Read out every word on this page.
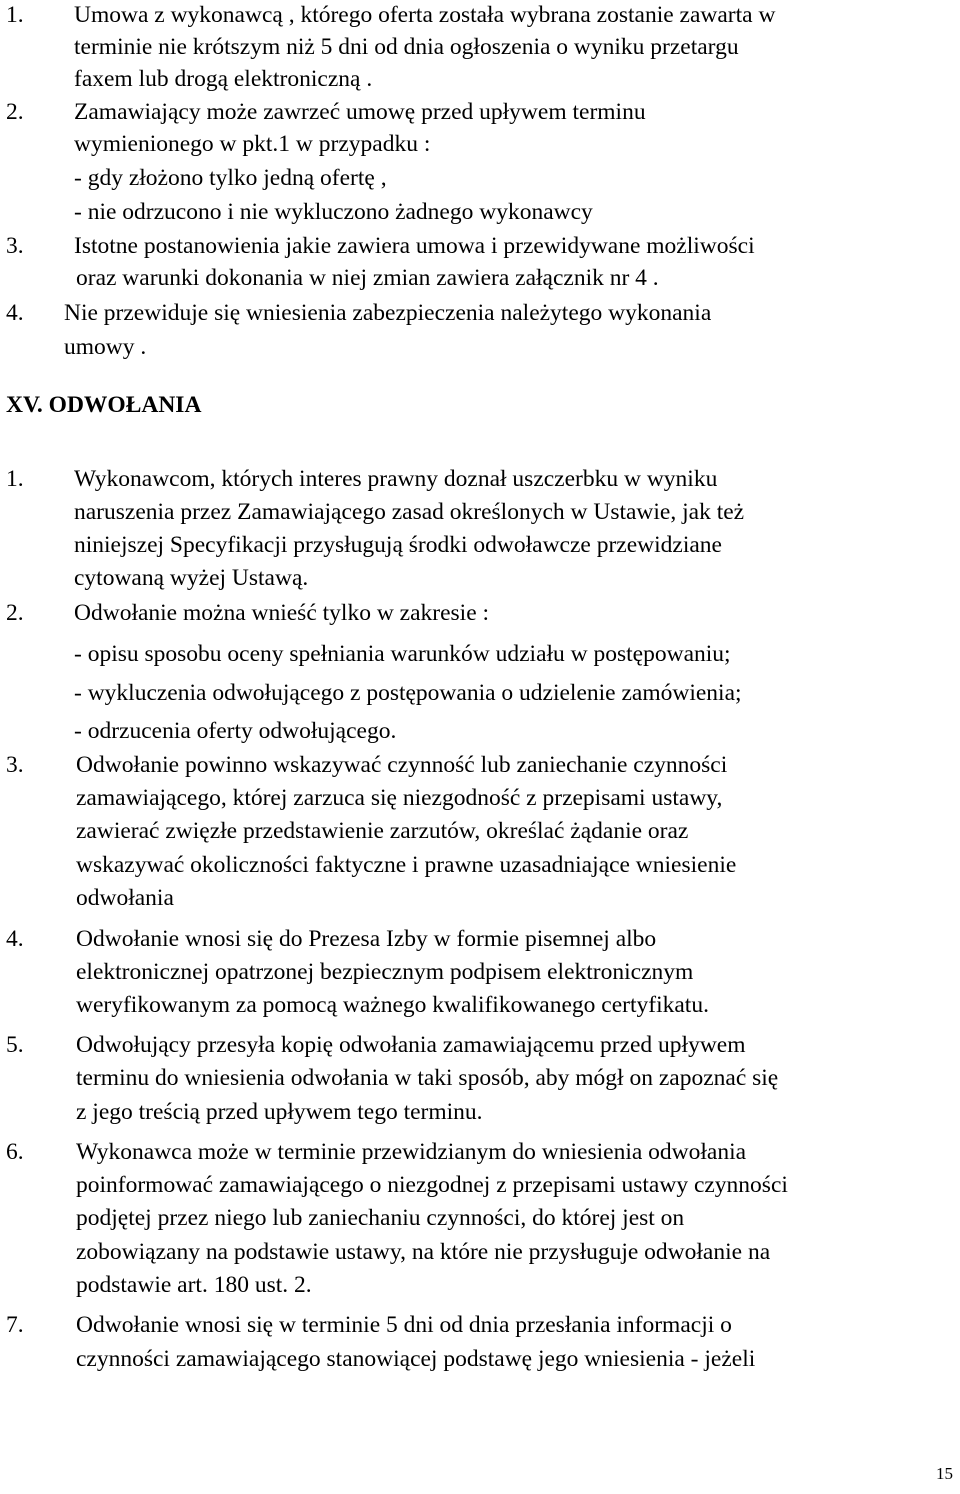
1. Umowa z wykonawcą , którego oferta została wybrana zostanie zawarta w
terminie nie krótszym niż 5 dni od dnia ogłoszenia o wyniku przetargu
faxem lub drogą elektroniczną .
2. Zamawiający może zawrzeć umowę przed upływem terminu
wymienionego w pkt.1 w przypadku :
- gdy złożono tylko jedną ofertę ,
- nie odrzucono i nie wykluczono żadnego wykonawcy
3. Istotne postanowienia jakie zawiera umowa i przewidywane możliwości
oraz warunki dokonania w niej zmian zawiera załącznik nr 4 .
4. Nie przewiduje się wniesienia zabezpieczenia należytego wykonania
umowy .
XV. ODWOŁANIA
1. Wykonawcom, których interes prawny doznał uszczerbku w wyniku
naruszenia przez Zamawiającego zasad określonych w Ustawie, jak też
niniejszej Specyfikacji przysługują środki odwoławcze przewidziane
cytowaną wyżej Ustawą.
2. Odwołanie można wnieść tylko w zakresie :
- opisu sposobu oceny spełniania warunków udziału w postępowaniu;
- wykluczenia odwołującego z postępowania o udzielenie zamówienia;
- odrzucenia oferty odwołującego.
3. Odwołanie powinno wskazywać czynność lub zaniechanie czynności
zamawiającego, której zarzuca się niezgodność z przepisami ustawy,
zawierać zwięzłe przedstawienie zarzutów, określać żądanie oraz
wskazywać okoliczności faktyczne i prawne uzasadniające wniesienie
odwołania
4. Odwołanie wnosi się do Prezesa Izby w formie pisemnej albo
elektronicznej opatrzonej bezpiecznym podpisem elektronicznym
weryfikowanym za pomocą ważnego kwalifikowanego certyfikatu.
5. Odwołujący przesyła kopię odwołania zamawiającemu przed upływem
terminu do wniesienia odwołania w taki sposób, aby mógł on zapoznać się
z jego treścią przed upływem tego terminu.
6. Wykonawca może w terminie przewidzianym do wniesienia odwołania
poinformować zamawiającego o niezgodnej z przepisami ustawy czynności
podjętej przez niego lub zaniechaniu czynności, do której jest on
zobowiązany na podstawie ustawy, na które nie przysługuje odwołanie na
podstawie art. 180 ust. 2.
7. Odwołanie wnosi się w terminie 5 dni od dnia przesłania informacji o
czynności zamawiającego stanowiącej podstawę jego wniesienia - jeżeli
15
